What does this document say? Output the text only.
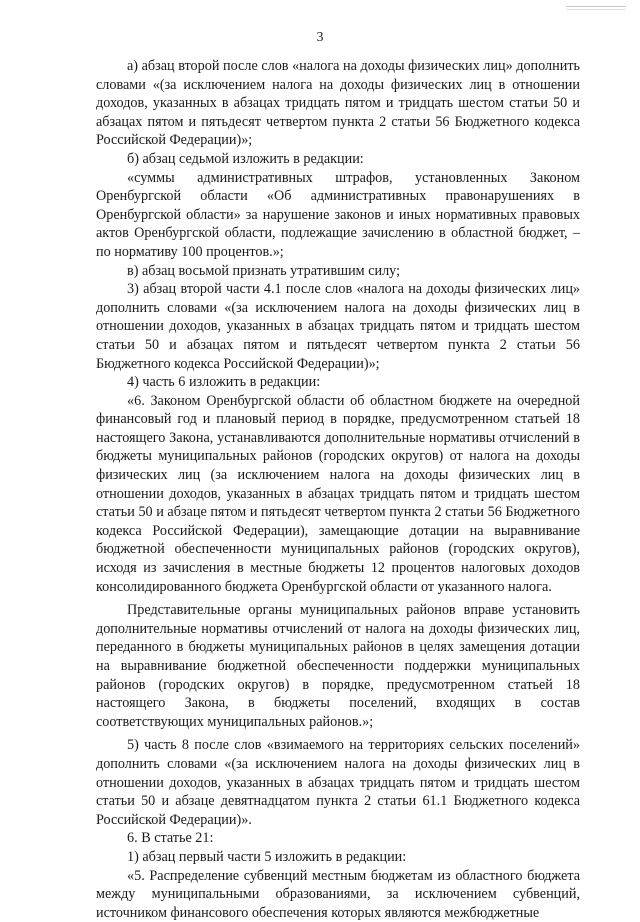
3

а) абзац второй после слов «налога на доходы физических лиц» дополнить словами «(за исключением налога на доходы физических лиц в отношении доходов, указанных в абзацах тридцать пятом и тридцать шестом статьи 50 и абзацах пятом и пятьдесят четвертом пункта 2 статьи 56 Бюджетного кодекса Российской Федерации)»;

б) абзац седьмой изложить в редакции:

«суммы административных штрафов, установленных Законом Оренбургской области «Об административных правонарушениях в Оренбургской области» за нарушение законов и иных нормативных правовых актов Оренбургской области, подлежащие зачислению в областной бюджет, – по нормативу 100 процентов.»;

в) абзац восьмой признать утратившим силу;

3) абзац второй части 4.1 после слов «налога на доходы физических лиц» дополнить словами «(за исключением налога на доходы физических лиц в отношении доходов, указанных в абзацах тридцать пятом и тридцать шестом статьи 50 и абзацах пятом и пятьдесят четвертом пункта 2 статьи 56 Бюджетного кодекса Российской Федерации)»;

4) часть 6 изложить в редакции:

«6. Законом Оренбургской области об областном бюджете на очередной финансовый год и плановый период в порядке, предусмотренном статьей 18 настоящего Закона, устанавливаются дополнительные нормативы отчислений в бюджеты муниципальных районов (городских округов) от налога на доходы физических лиц (за исключением налога на доходы физических лиц в отношении доходов, указанных в абзацах тридцать пятом и тридцать шестом статьи 50 и абзаце пятом и пятьдесят четвертом пункта 2 статьи 56 Бюджетного кодекса Российской Федерации), замещающие дотации на выравнивание бюджетной обеспеченности муниципальных районов (городских округов), исходя из зачисления в местные бюджеты 12 процентов налоговых доходов консолидированного бюджета Оренбургской области от указанного налога.

Представительные органы муниципальных районов вправе установить дополнительные нормативы отчислений от налога на доходы физических лиц, переданного в бюджеты муниципальных районов в целях замещения дотации на выравнивание бюджетной обеспеченности поддержки муниципальных районов (городских округов) в порядке, предусмотренном статьей 18 настоящего Закона, в бюджеты поселений, входящих в состав соответствующих муниципальных районов.»;

5) часть 8 после слов «взимаемого на территориях сельских поселений» дополнить словами «(за исключением налога на доходы физических лиц в отношении доходов, указанных в абзацах тридцать пятом и тридцать шестом статьи 50 и абзаце девятнадцатом пункта 2 статьи 61.1 Бюджетного кодекса Российской Федерации)».

6. В статье 21:

1) абзац первый части 5 изложить в редакции:

«5. Распределение субвенций местным бюджетам из областного бюджета между муниципальными образованиями, за исключением субвенций, источником финансового обеспечения которых являются межбюджетные
